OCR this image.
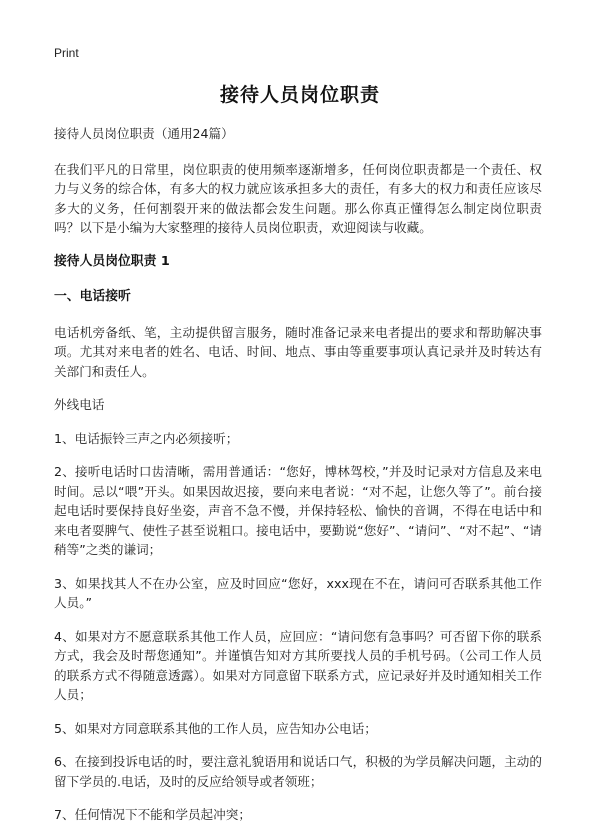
Print
接待人员岗位职责
接待人员岗位职责（通用24篇）
在我们平凡的日常里，岗位职责的使用频率逐渐增多，任何岗位职责都是一个责任、权力与义务的综合体，有多大的权力就应该承担多大的责任，有多大的权力和责任应该尽多大的义务，任何割裂开来的做法都会发生问题。那么你真正懂得怎么制定岗位职责吗？以下是小编为大家整理的接待人员岗位职责，欢迎阅读与收藏。
接待人员岗位职责 1
一、电话接听
电话机旁备纸、笔，主动提供留言服务，随时准备记录来电者提出的要求和帮助解决事项。尤其对来电者的姓名、电话、时间、地点、事由等重要事项认真记录并及时转达有关部门和责任人。
外线电话
1、电话振铃三声之内必须接听；
2、接听电话时口齿清晰，需用普通话：“您好，博林驾校，”并及时记录对方信息及来电时间。忌以“喂”开头。如果因故迟接，要向来电者说：“对不起，让您久等了”。前台接起电话时要保持良好坐姿，声音不急不慢，并保持轻松、愉快的音调，不得在电话中和来电者耍脾气、使性子甚至说粗口。接电话中，要勤说“您好”、“请问”、“对不起”、“请稍等”之类的谦词；
3、如果找其人不在办公室，应及时回应“您好，xxx现在不在，请问可否联系其他工作人员。”
4、如果对方不愿意联系其他工作人员，应回应：“请问您有急事吗？可否留下你的联系方式，我会及时帮您通知”。并谨慎告知对方其所要找人员的手机号码。（公司工作人员的联系方式不得随意透露）。如果对方同意留下联系方式，应记录好并及时通知相关工作人员；
5、如果对方同意联系其他的工作人员，应告知办公电话；
6、在接到投诉电话的时，要注意礼貌语用和说话口气，积极的为学员解决问题，主动的留下学员的.电话，及时的反应给领导或者领班；
7、任何情况下不能和学员起冲突；
